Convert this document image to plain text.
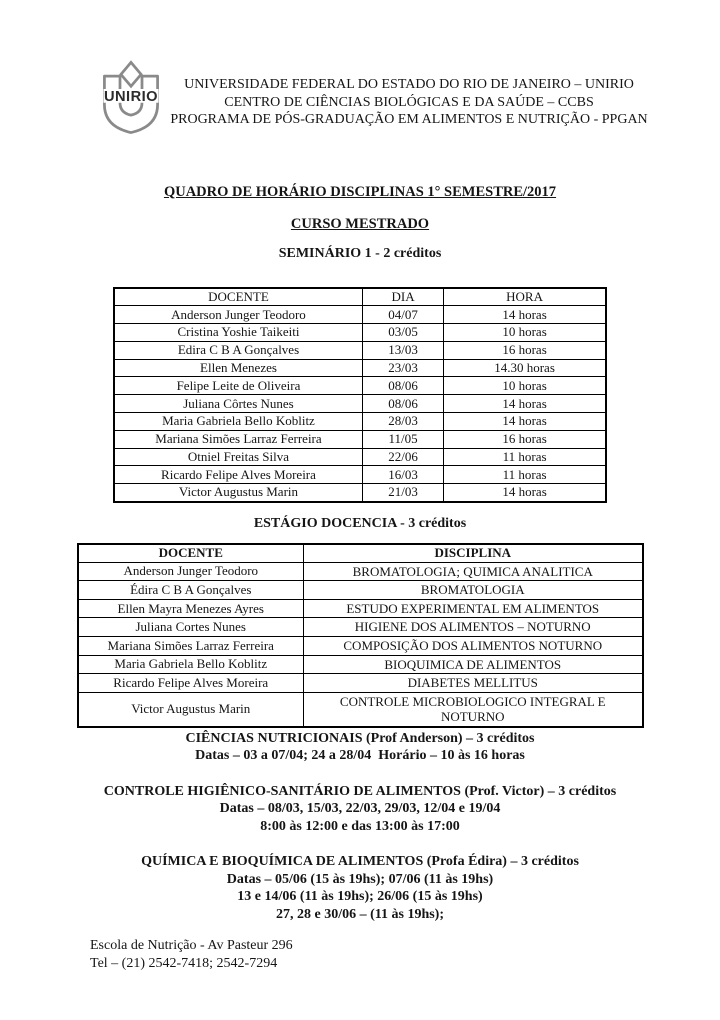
UNIRIO
UNIVERSIDADE FEDERAL DO ESTADO DO RIO DE JANEIRO – UNIRIO
CENTRO DE CIÊNCIAS BIOLÓGICAS E DA SAÚDE – CCBS
PROGRAMA DE PÓS-GRADUAÇÃO EM ALIMENTOS E NUTRIÇÃO - PPGAN
QUADRO DE HORÁRIO DISCIPLINAS 1° SEMESTRE/2017
CURSO MESTRADO
SEMINÁRIO 1 - 2 créditos
DOCENTE	DIA	HORA
Anderson Junger Teodoro	04/07	14 horas
Cristina Yoshie Taikeiti	03/05	10 horas
Edira C B A Gonçalves	13/03	16 horas
Ellen Menezes	23/03	14.30 horas
Felipe Leite de Oliveira	08/06	10 horas
Juliana Côrtes Nunes	08/06	14 horas
Maria Gabriela Bello Koblitz	28/03	14 horas
Mariana Simões Larraz Ferreira	11/05	16 horas
Otniel Freitas Silva	22/06	11 horas
Ricardo Felipe Alves Moreira	16/03	11 horas
Victor Augustus Marin	21/03	14 horas
ESTÁGIO DOCENCIA - 3 créditos
DOCENTE	DISCIPLINA
Anderson Junger Teodoro	BROMATOLOGIA; QUIMICA ANALITICA
Édira C B A Gonçalves	BROMATOLOGIA
Ellen Mayra Menezes Ayres	ESTUDO EXPERIMENTAL EM ALIMENTOS
Juliana Cortes Nunes	HIGIENE DOS ALIMENTOS – NOTURNO
Mariana Simões Larraz Ferreira	COMPOSIÇÃO DOS ALIMENTOS NOTURNO
Maria Gabriela Bello Koblitz	BIOQUIMICA DE ALIMENTOS
Ricardo Felipe Alves Moreira	DIABETES MELLITUS
Victor Augustus Marin	CONTROLE MICROBIOLOGICO INTEGRAL E NOTURNO
CIÊNCIAS NUTRICIONAIS (Prof Anderson) – 3 créditos
Datas – 03 a 07/04; 24 a 28/04  Horário – 10 às 16 horas
CONTROLE HIGIÊNICO-SANITÁRIO DE ALIMENTOS (Prof. Victor) – 3 créditos
Datas – 08/03, 15/03, 22/03, 29/03, 12/04 e 19/04
8:00 às 12:00 e das 13:00 às 17:00
QUÍMICA E BIOQUÍMICA DE ALIMENTOS (Profa Édira) – 3 créditos
Datas – 05/06 (15 às 19hs); 07/06 (11 às 19hs)
13 e 14/06 (11 às 19hs); 26/06 (15 às 19hs)
27, 28 e 30/06 – (11 às 19hs);
Escola de Nutrição - Av Pasteur 296
Tel – (21) 2542-7418; 2542-7294
